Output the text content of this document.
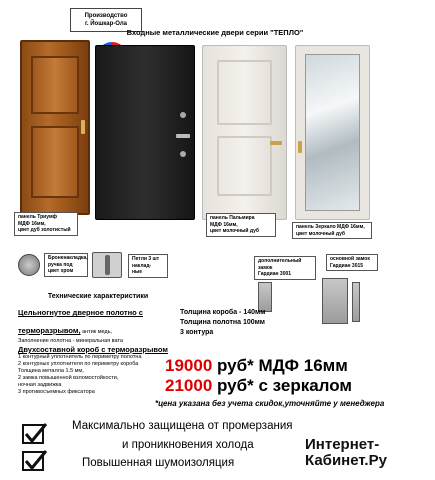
Производство
г. Йошкар-Ола
Входные металлические двери серии "ТЕПЛО"
панель Триумф
МДФ 16мм,
цвет дуб золотистый
панель Пальмира
МДФ 16мм,
цвет молочный дуб
панель Зеркало МДФ 16мм,
цвет молочный дуб
Броненакладка,
ручка под
цвет хром
Петли 3 шт
наклад-
ные
дополнительный замок
Гардиан 3001
основной замок
Гардиан 3015
Технические характеристики
Цельногнутое дверное полотно с терморазрывом, антик медь,
Заполнение полотна - минеральная вата
Двухсоставной короб с терморазрывом
1 контурный уплотнитель по периметру полотна
2 контурных уплотнителя по периметру короба
Толщина металла 1.5 мм,
2 замка повышенной взломостойкости,
ночная задвижка
3 противосъемных фиксатора
Толщина короба - 140мм
Толщина полотна 100мм
3 контура
19000 руб* МДФ 16мм
21000 руб* с зеркалом
*цена указана без учета скидок,уточняйте у менеджера
Максимально защищена от промерзания
и проникновения холода
Повышенная шумоизоляция
Интернет-
Кабинет.Ру
